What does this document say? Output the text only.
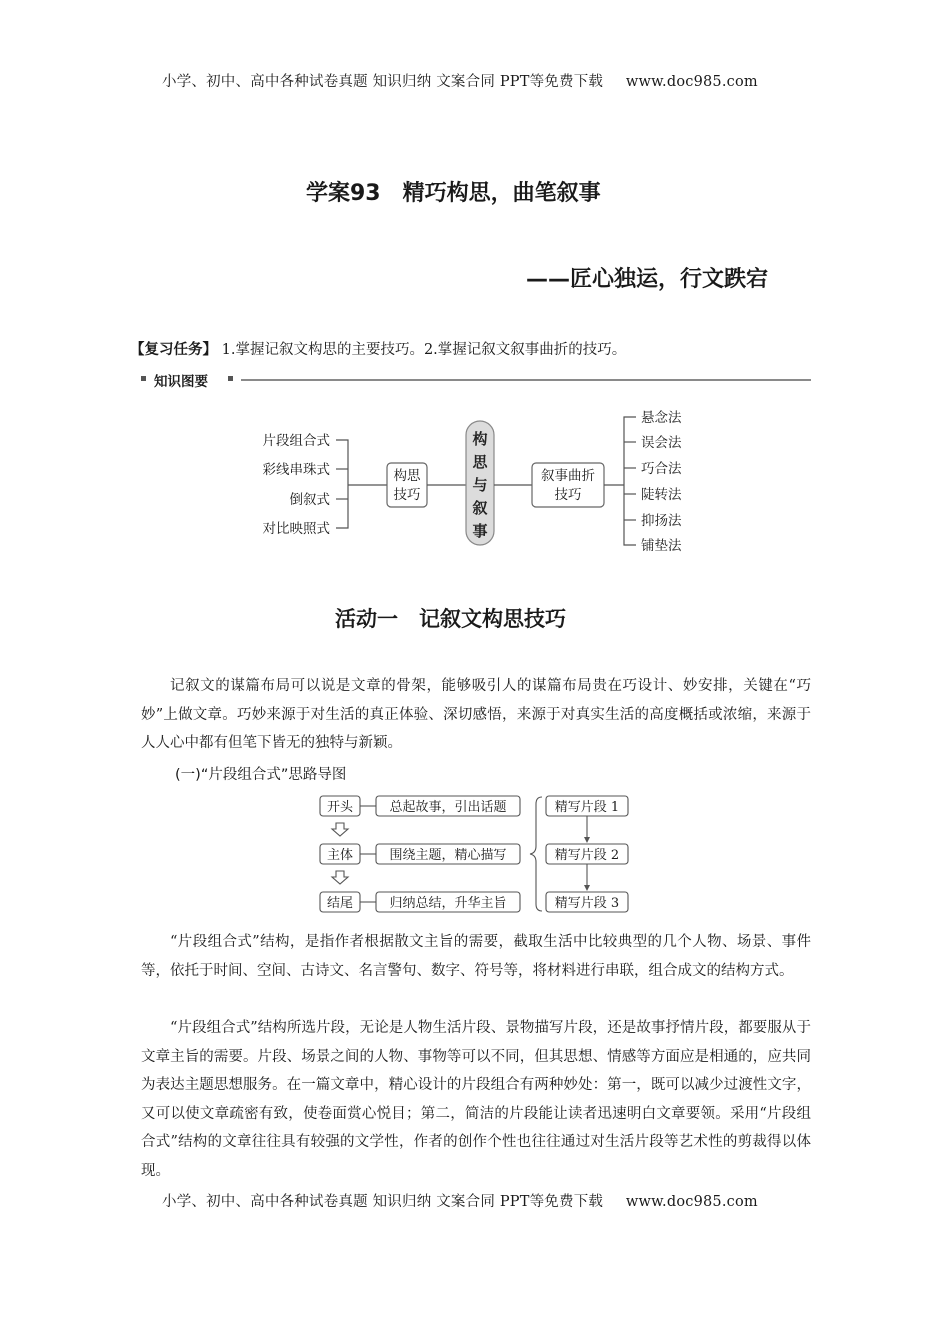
小学、初中、高中各种试卷真题 知识归纳 文案合同 PPT等免费下载 www.doc985.com
学案93　精巧构思，曲笔叙事
——匠心独运，行文跌宕
【复习任务】 1.掌握记叙文构思的主要技巧。2.掌握记叙文叙事曲折的技巧。
知识图要
片段组合式
彩线串珠式
倒叙式
对比映照式
构思
技巧
叙事曲折
技巧
悬念法
误会法
巧合法
陡转法
抑扬法
铺垫法
构
思
与
叙
事
活动一　记叙文构思技巧

记叙文的谋篇布局可以说是文章的骨架，能够吸引人的谋篇布局贵在巧设计、妙安排，关键在“巧妙”上做文章。巧妙来源于对生活的真正体验、深切感悟，来源于对真实生活的高度概括或浓缩，来源于人人心中都有但笔下皆无的独特与新颖。

(一)“片段组合式”思路导图
开头
主体
结尾
总起故事，引出话题
围绕主题，精心描写
归纳总结，升华主旨
精写片段 1
精写片段 2
精写片段 3

“片段组合式”结构，是指作者根据散文主旨的需要，截取生活中比较典型的几个人物、场景、事件等，依托于时间、空间、古诗文、名言警句、数字、符号等，将材料进行串联，组合成文的结构方式。

“片段组合式”结构所选片段，无论是人物生活片段、景物描写片段，还是故事抒情片段，都要服从于文章主旨的需要。片段、场景之间的人物、事物等可以不同，但其思想、情感等方面应是相通的，应共同为表达主题思想服务。在一篇文章中，精心设计的片段组合有两种妙处：第一，既可以减少过渡性文字，又可以使文章疏密有致，使卷面赏心悦目；第二，简洁的片段能让读者迅速明白文章要领。采用“片段组合式”结构的文章往往具有较强的文学性，作者的创作个性也往往通过对生活片段等艺术性的剪裁得以体现。

小学、初中、高中各种试卷真题 知识归纳 文案合同 PPT等免费下载 www.doc985.com
